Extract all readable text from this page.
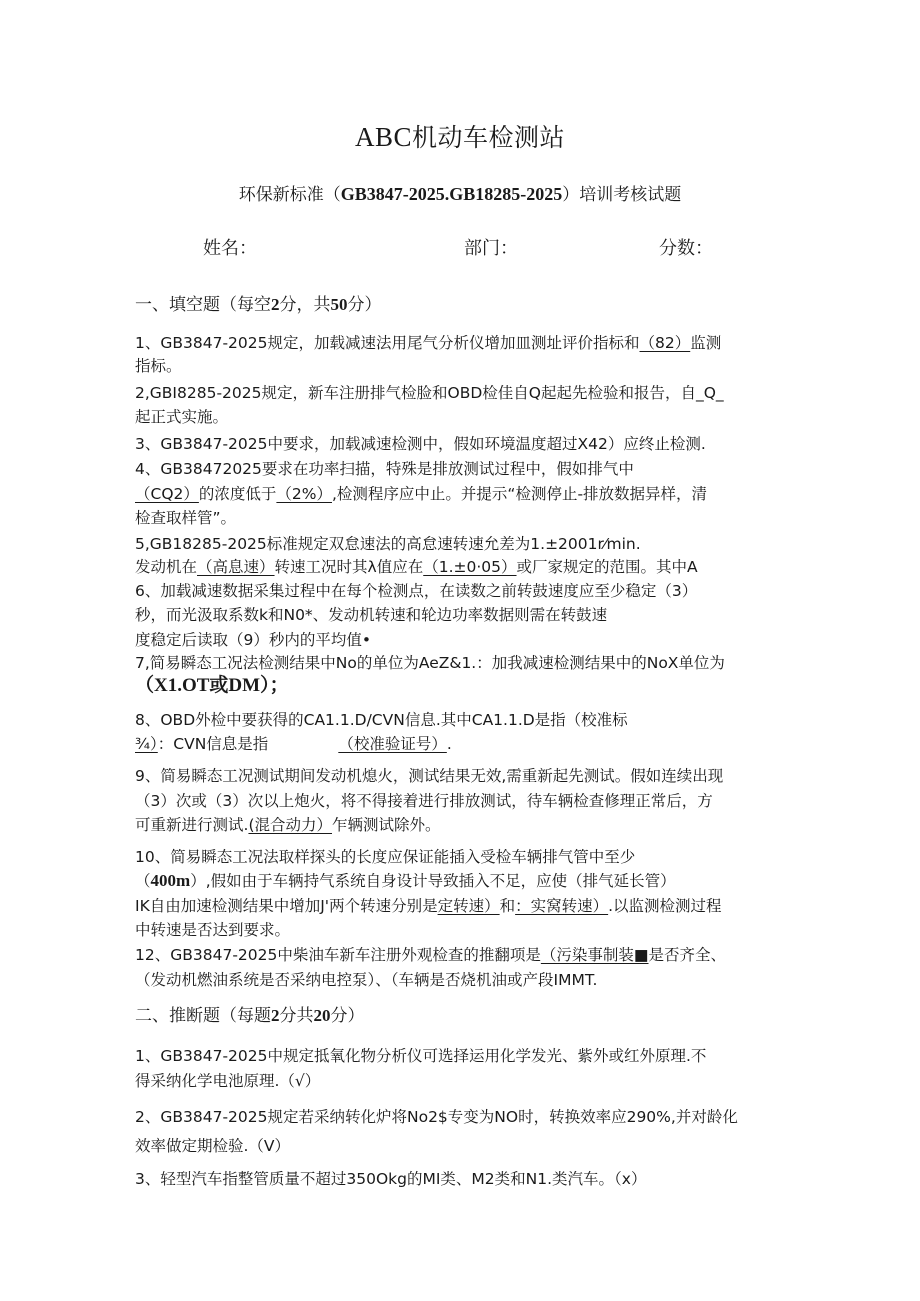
ABC机动车检测站
环保新标准（GB3847-2025.GB18285-2025）培训考核试题
姓名：	部门：	分数：
一、填空题（每空2分，共50分）
1、GB3847-2025规定，加载减速法用尾气分析仪增加皿测址评价指标和（82）监测
指标。
2,GBI8285-2025规定，新车注册排气检脸和OBD检佳自Q起起先检验和报告，自_Q_
起正式实施。
3、GB3847-2025中要求，加载减速检测中，假如环境温度超过X42）应终止检测.
4、GB38472025要求在功率扫描，特殊是排放测试过程中，假如排气中
（CQ2）的浓度低于（2%）,检测程序应中止。并提示“检测停止-排放数据异样，清
检查取样管”。
5,GB18285-2025标准规定双怠速法的高怠速转速允差为1.±2001r⁄min.
发动机在（高息速）转速工况时其λ值应在（1.±0·05）或厂家规定的范围。其中A
6、加载减速数据采集过程中在每个检测点，在读数之前转鼓速度应至少稳定（3）
秒，而光汲取系数k和N0*、发动机转速和轮边功率数据则需在转鼓速
度稳定后读取（9）秒内的平均值•
7,简易瞬态工况法检测结果中No的单位为AeZ&1.：加我减速检测结果中的NoX单位为
（X1.OT或DM）；
8、OBD外检中要获得的CA1.1.D/CVN信息.其中CA1.1.D是指（校准标
¾）：CVN信息是指	（校准验证号）.
9、简易瞬态工况测试期间发动机熄火，测试结果无效,需重新起先测试。假如连续出现
（3）次或（3）次以上炮火，将不得接着进行排放测试，待车辆检查修理正常后，方
可重新进行测试.(混合动力）乍辆测试除外。
10、简易瞬态工况法取样探头的长度应保证能插入受检车辆排气管中至少
（400m）,假如由于车辆持气系统自身设计导致插入不足，应使（排气延长管）
IK自由加速检测结果中增加J'两个转速分别是定转速）和：实窝转速）.以监测检测过程
中转速是否达到要求。
12、GB3847-2025中柴油车新车注册外观检查的推翻项是（污染事制装■是否齐全、
（发动机燃油系统是否采纳电控泵）、（车辆是否烧机油或产段IMMT.
二、推断题（每题2分共20分）
1、GB3847-2025中规定抵氧化物分析仪可选择运用化学发光、紫外或红外原理.不
得采纳化学电池原理.（√）
2、GB3847-2025规定若采纳转化炉将No2$专变为NO时，转换效率应290%,并对龄化
效率做定期检验.（V）
3、轻型汽车指整管质量不超过350Okg的MI类、M2类和N1.类汽车。（x）
